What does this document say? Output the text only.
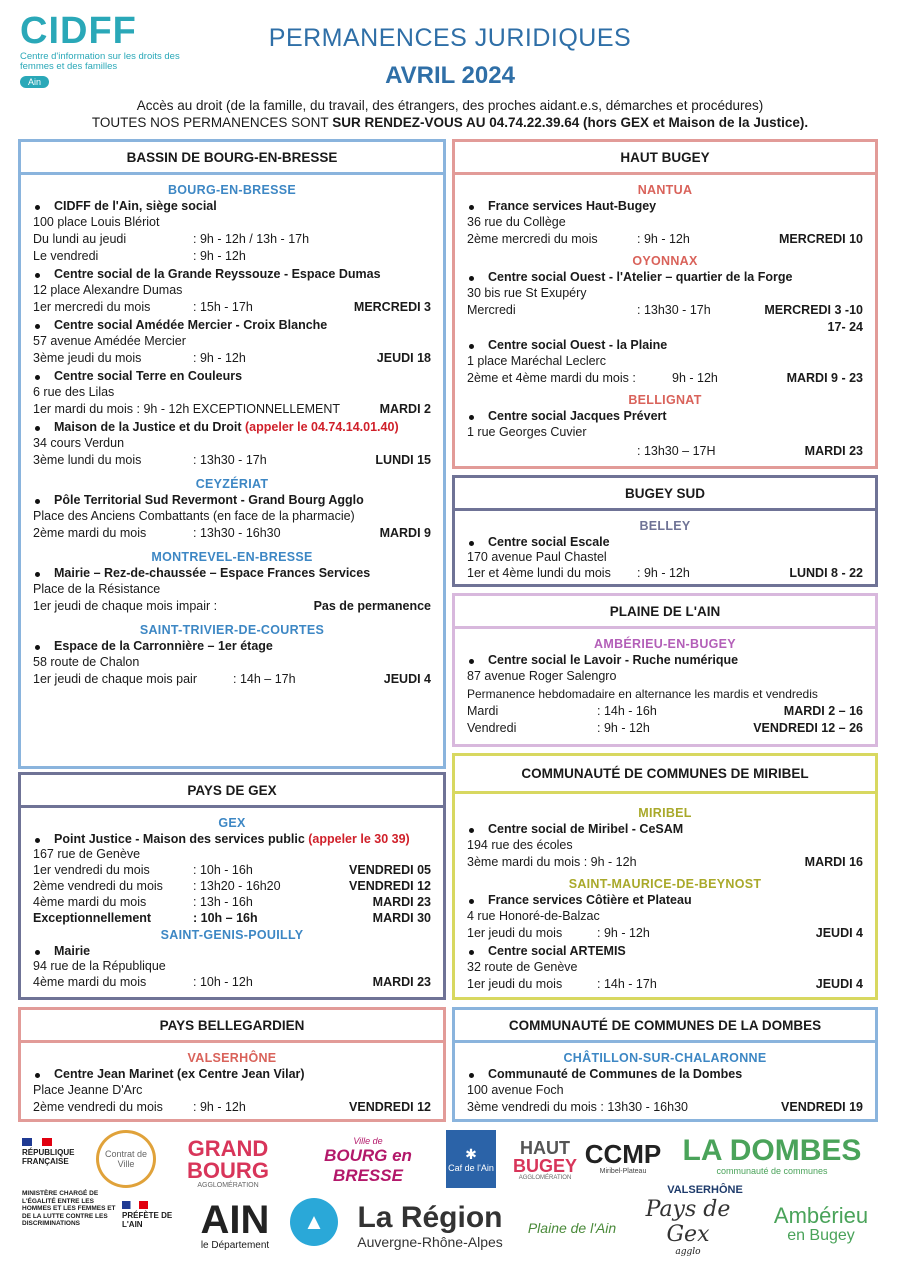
CIDFF
Centre d'information sur les droits des femmes et des familles
Ain
PERMANENCES JURIDIQUES
AVRIL 2024
Accès au droit (de la famille, du travail, des étrangers, des proches aidant.e.s, démarches et procédures)
TOUTES NOS PERMANENCES SONT SUR RENDEZ-VOUS AU 04.74.22.39.64 (hors GEX et Maison de la Justice).
BASSIN DE BOURG-EN-BRESSE
BOURG-EN-BRESSE
CIDFF de l'Ain, siège social
100 place Louis Blériot
Du lundi au jeudi	: 9h - 12h / 13h - 17h
Le vendredi	: 9h - 12h
Centre social de la Grande Reyssouze - Espace Dumas
12 place Alexandre Dumas
1er mercredi du mois	: 15h - 17h	MERCREDI 3
Centre social Amédée Mercier - Croix Blanche
57 avenue Amédée Mercier
3ème jeudi du mois	: 9h - 12h	JEUDI 18
Centre social Terre en Couleurs
6 rue des Lilas
1er mardi du mois : 9h - 12h EXCEPTIONNELLEMENT	MARDI 2
Maison de la Justice et du Droit (appeler le 04.74.14.01.40)
34 cours Verdun
3ème lundi du mois	: 13h30 - 17h	LUNDI 15
CEYZÉRIAT
Pôle Territorial Sud Revermont - Grand Bourg Agglo
Place des Anciens Combattants (en face de la pharmacie)
2ème mardi du mois	: 13h30 - 16h30	MARDI 9
MONTREVEL-EN-BRESSE
Mairie – Rez-de-chaussée – Espace Frances Services
Place de la Résistance
1er jeudi de chaque mois impair :	Pas de permanence
SAINT-TRIVIER-DE-COURTES
Espace de la Carronnière – 1er étage
58 route de Chalon
1er jeudi de chaque mois pair	: 14h – 17h	JEUDI 4
PAYS DE GEX
GEX
Point Justice - Maison des services public (appeler le 30 39)
167 rue de Genève
1er vendredi du mois	: 10h - 16h	VENDREDI 05
2ème vendredi du mois	: 13h20 - 16h20	VENDREDI 12
4ème mardi du mois	: 13h - 16h	MARDI 23
Exceptionnellement	: 10h – 16h	MARDI 30
SAINT-GENIS-POUILLY
Mairie
94 rue de la République
4ème mardi du mois	: 10h - 12h	MARDI 23
PAYS BELLEGARDIEN
VALSERHÔNE
Centre Jean Marinet (ex Centre Jean Vilar)
Place Jeanne D'Arc
2ème vendredi du mois	: 9h - 12h	VENDREDI 12
HAUT BUGEY
NANTUA
France services Haut-Bugey
36 rue du Collège
2ème mercredi du mois	: 9h - 12h	MERCREDI 10
OYONNAX
Centre social Ouest - l'Atelier – quartier de la Forge
30 bis rue St Exupéry
Mercredi	: 13h30 - 17h	MERCREDI 3 -10
17- 24
Centre social Ouest - la Plaine
1 place Maréchal Leclerc
2ème et 4ème mardi du mois :	9h - 12h	MARDI 9 - 23
BELLIGNAT
Centre social Jacques Prévert
1 rue Georges Cuvier
: 13h30 – 17H	MARDI 23
BUGEY SUD
BELLEY
Centre social Escale
170 avenue Paul Chastel
1er et 4ème lundi du mois	: 9h - 12h	LUNDI 8 - 22
PLAINE DE L'AIN
AMBÉRIEU-EN-BUGEY
Centre social le Lavoir - Ruche numérique
87 avenue Roger Salengro
Permanence hebdomadaire en alternance les mardis et vendredis
Mardi	: 14h - 16h	MARDI 2 – 16
Vendredi	: 9h - 12h	VENDREDI 12 – 26
COMMUNAUTÉ DE COMMUNES DE MIRIBEL
MIRIBEL
Centre social de Miribel - CeSAM
194 rue des écoles
3ème mardi du mois : 9h - 12h	MARDI 16
SAINT-MAURICE-DE-BEYNOST
France services Côtière et Plateau
4 rue Honoré-de-Balzac
1er jeudi du mois	: 9h - 12h	JEUDI 4
Centre social ARTEMIS
32 route de Genève
1er jeudi du mois	: 14h - 17h	JEUDI 4
COMMUNAUTÉ DE COMMUNES DE LA DOMBES
CHÂTILLON-SUR-CHALARONNE
Communauté de Communes de la Dombes
100 avenue Foch
3ème vendredi du mois : 13h30 - 16h30	VENDREDI 19
RÉPUBLIQUE FRANÇAISE
Contrat de Ville
GRAND
BOURG
AGGLOMÉRATION
Ville de
BOURG en BRESSE
✱
Caf de l'Ain
HAUT
BUGEY
AGGLOMÉRATION
CCMP
Miribel-Plateau
LA DOMBES
communauté de communes
MINISTÈRE CHARGÉ DE L'ÉGALITÉ ENTRE LES HOMMES ET LES FEMMES ET DE LA LUTTE CONTRE LES DISCRIMINATIONS
PRÉFÈTE DE L'AIN	AIN
le Département
▲	La Région
Auvergne-Rhône-Alpes
Plaine de l'Ain
VALSERHÔNE
Pays de Gex
agglo
Ambérieu
en Bugey
